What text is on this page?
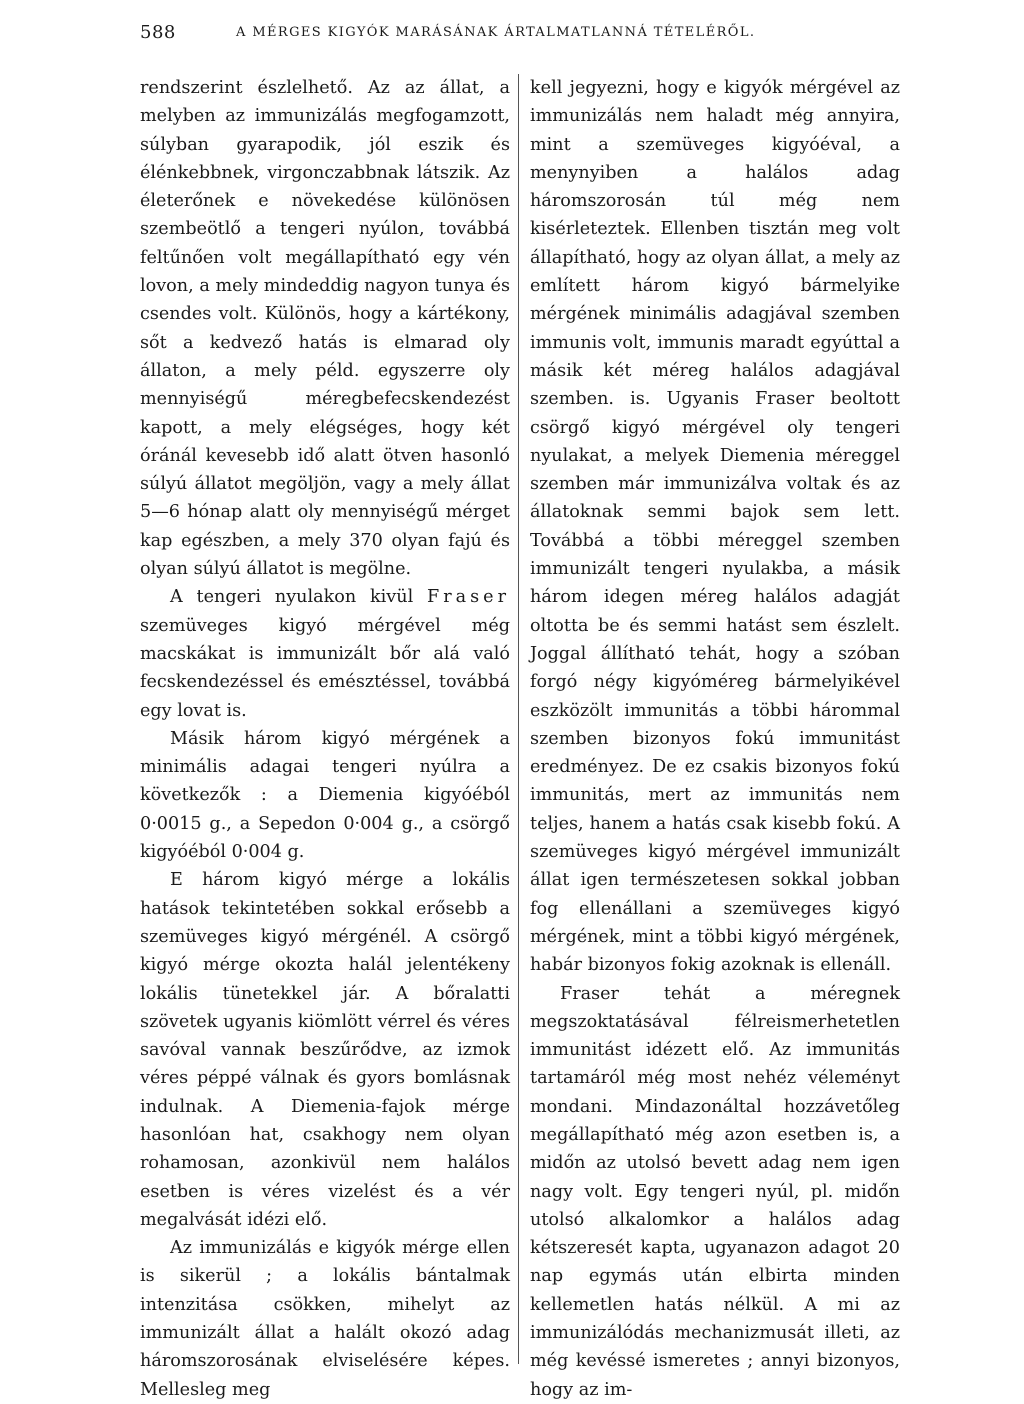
588	A MÉRGES KIGYÓK MARÁSÁNAK ÁRTALMATLANNÁ TÉTELÉRŐL.

rendszerint észlelhető. Az az állat, a melyben az immunizálás megfogamzott, súlyban gyarapodik, jól eszik és élénkebbnek, virgonczabbnak látszik. Az életerőnek e növekedése különösen szembeötlő a tengeri nyúlon, továbbá feltűnően volt megállapítható egy vén lovon, a mely mindeddig nagyon tunya és csendes volt. Különös, hogy a kártékony, sőt a kedvező hatás is elmarad oly állaton, a mely péld. egyszerre oly mennyiségű méregbefecskendezést kapott, a mely elégséges, hogy két óránál kevesebb idő alatt ötven hasonló súlyú állatot megöljön, vagy a mely állat 5—6 hónap alatt oly mennyiségű mérget kap egészben, a mely 370 olyan fajú és olyan súlyú állatot is megölne.

A tengeri nyulakon kivül Fraser szemüveges kigyó mérgével még macskákat is immunizált bőr alá való fecskendezéssel és emésztéssel, továbbá egy lovat is.

Másik három kigyó mérgének a minimális adagai tengeri nyúlra a következők : a Diemenia kigyóéból 0·0015 g., a Sepedon 0·004 g., a csörgő kigyóéból 0·004 g.

E három kigyó mérge a lokális hatások tekintetében sokkal erősebb a szemüveges kigyó mérgénél. A csörgő kigyó mérge okozta halál jelentékeny lokális tünetekkel jár. A bőralatti szövetek ugyanis kiömlött vérrel és véres savóval vannak beszűrődve, az izmok véres péppé válnak és gyors bomlásnak indulnak. A Diemenia-fajok mérge hasonlóan hat, csakhogy nem olyan rohamosan, azonkivül nem halálos esetben is véres vizelést és a vér megalvását idézi elő.

Az immunizálás e kigyók mérge ellen is sikerül ; a lokális bántalmak intenzitása csökken, mihelyt az immunizált állat a halált okozó adag háromszorosának elviselésére képes. Mellesleg meg

kell jegyezni, hogy e kigyók mérgével az immunizálás nem haladt még annyira, mint a szemüveges kigyóéval, a menynyiben a halálos adag háromszorosán túl még nem kisérleteztek. Ellenben tisztán meg volt állapítható, hogy az olyan állat, a mely az említett három kigyó bármelyike mérgének minimális adagjával szemben immunis volt, immunis maradt egyúttal a másik két méreg halálos adagjával szemben. is. Ugyanis Fraser beoltott csörgő kigyó mérgével oly tengeri nyulakat, a melyek Diemenia méreggel szemben már immunizálva voltak és az állatoknak semmi bajok sem lett. Továbbá a többi méreggel szemben immunizált tengeri nyulakba, a másik három idegen méreg halálos adagját oltotta be és semmi hatást sem észlelt. Joggal állítható tehát, hogy a szóban forgó négy kigyóméreg bármelyikével eszközölt immunitás a többi hárommal szemben bizonyos fokú immunitást eredményez. De ez csakis bizonyos fokú immunitás, mert az immunitás nem teljes, hanem a hatás csak kisebb fokú. A szemüveges kigyó mérgével immunizált állat igen természetesen sokkal jobban fog ellenállani a szemüveges kigyó mérgének, mint a többi kigyó mérgének, habár bizonyos fokig azoknak is ellenáll.

Fraser tehát a méregnek megszoktatásával félreismerhetetlen immunitást idézett elő. Az immunitás tartamáról még most nehéz véleményt mondani. Mindazonáltal hozzávetőleg megállapítható még azon esetben is, a midőn az utolsó bevett adag nem igen nagy volt. Egy tengeri nyúl, pl. midőn utolsó alkalomkor a halálos adag kétszeresét kapta, ugyanazon adagot 20 nap egymás után elbirta minden kellemetlen hatás nélkül. A mi az immunizálódás mechanizmusát illeti, az még kevéssé ismeretes ; annyi bizonyos, hogy az im-
